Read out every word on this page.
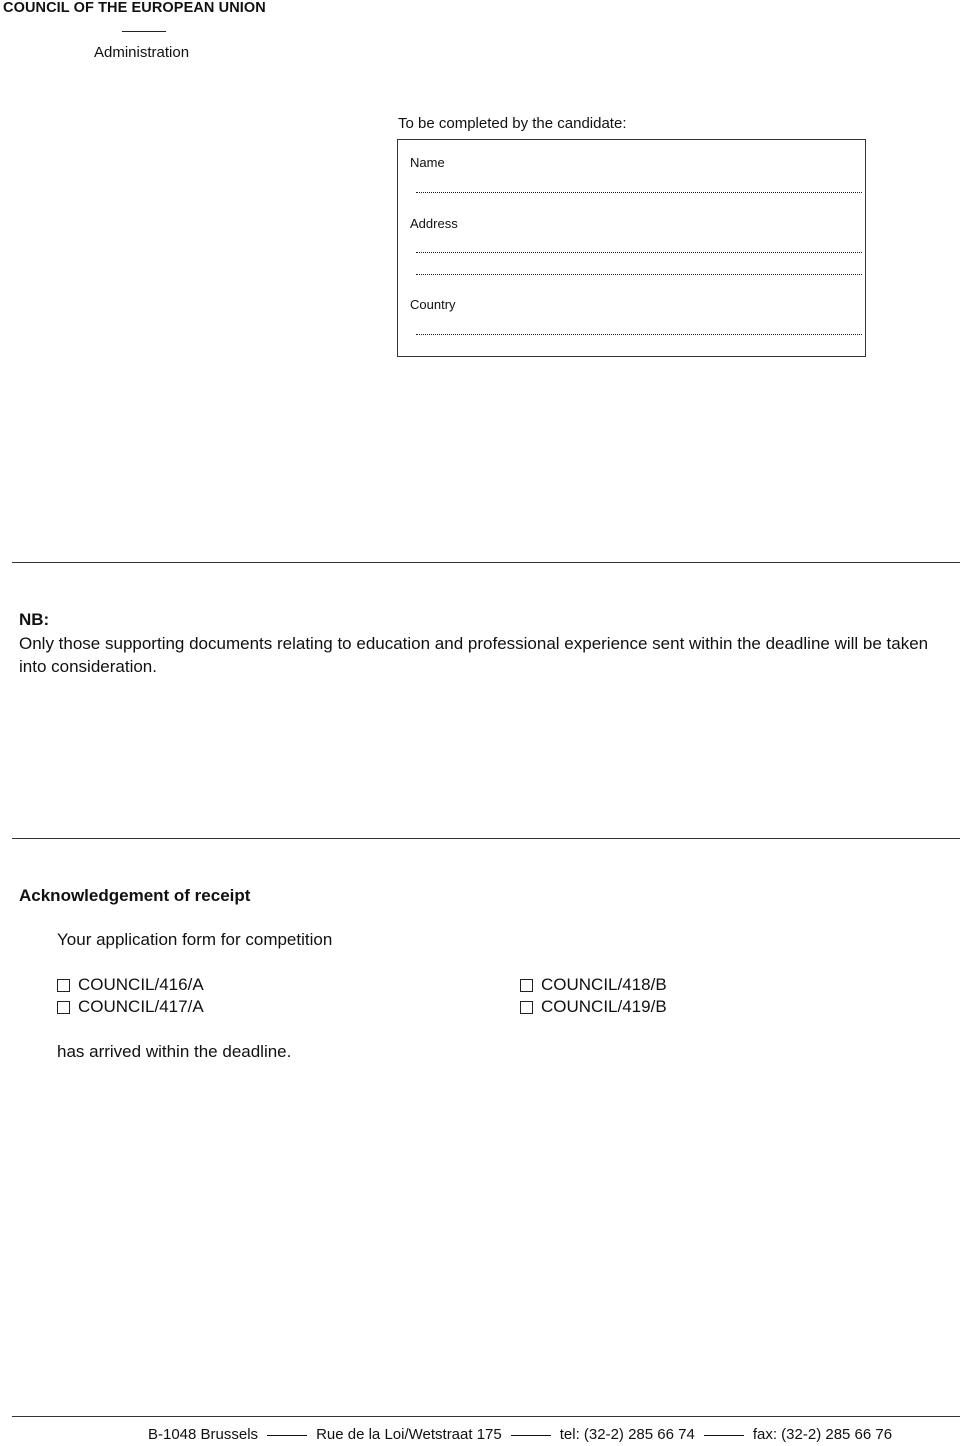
COUNCIL OF THE EUROPEAN UNION
Administration
To be completed by the candidate:
Name
Address
Country
NB:
Only those supporting documents relating to education and professional experience sent within the deadline will be taken into consideration.
Acknowledgement of receipt
Your application form for competition
COUNCIL/416/A
COUNCIL/417/A
COUNCIL/418/B
COUNCIL/419/B
has arrived within the deadline.
B-1048 Brussels	Rue de la Loi/Wetstraat 175	tel: (32-2) 285 66 74	fax: (32-2) 285 66 76
